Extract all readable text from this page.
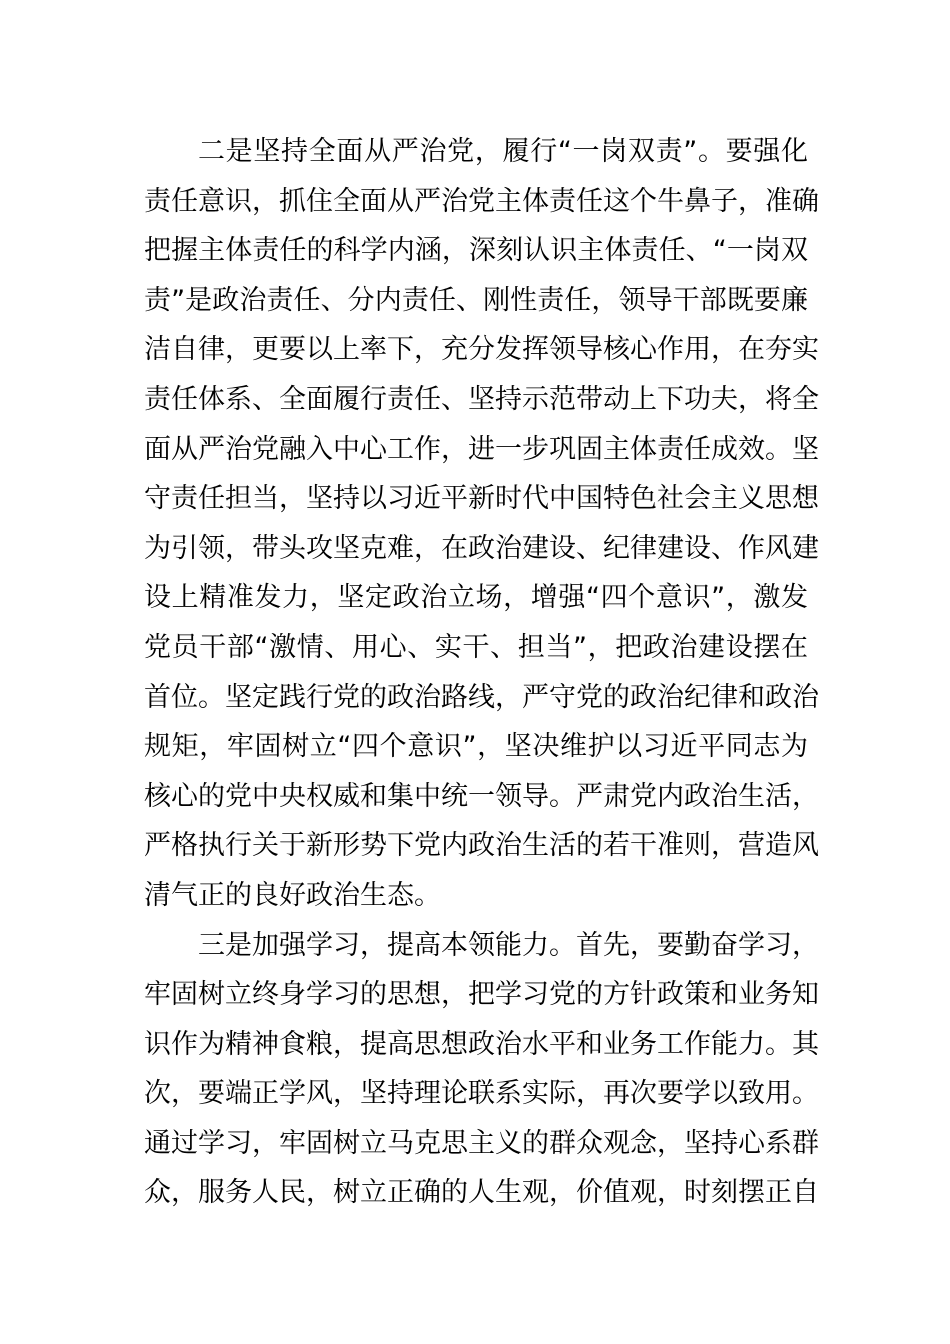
二是坚持全面从严治党，履行“一岗双责”。要强化
责任意识，抓住全面从严治党主体责任这个牛鼻子，准确
把握主体责任的科学内涵，深刻认识主体责任、“一岗双
责”是政治责任、分内责任、刚性责任，领导干部既要廉
洁自律，更要以上率下，充分发挥领导核心作用，在夯实
责任体系、全面履行责任、坚持示范带动上下功夫，将全
面从严治党融入中心工作，进一步巩固主体责任成效。坚
守责任担当，坚持以习近平新时代中国特色社会主义思想
为引领，带头攻坚克难，在政治建设、纪律建设、作风建
设上精准发力，坚定政治立场，增强“四个意识”，激发
党员干部“激情、用心、实干、担当”，把政治建设摆在
首位。坚定践行党的政治路线，严守党的政治纪律和政治
规矩，牢固树立“四个意识”，坚决维护以习近平同志为
核心的党中央权威和集中统一领导。严肃党内政治生活，
严格执行关于新形势下党内政治生活的若干准则，营造风
清气正的良好政治生态。
三是加强学习，提高本领能力。首先，要勤奋学习，
牢固树立终身学习的思想，把学习党的方针政策和业务知
识作为精神食粮，提高思想政治水平和业务工作能力。其
次，要端正学风，坚持理论联系实际，再次要学以致用。
通过学习，牢固树立马克思主义的群众观念，坚持心系群
众，服务人民，树立正确的人生观，价值观，时刻摆正自
